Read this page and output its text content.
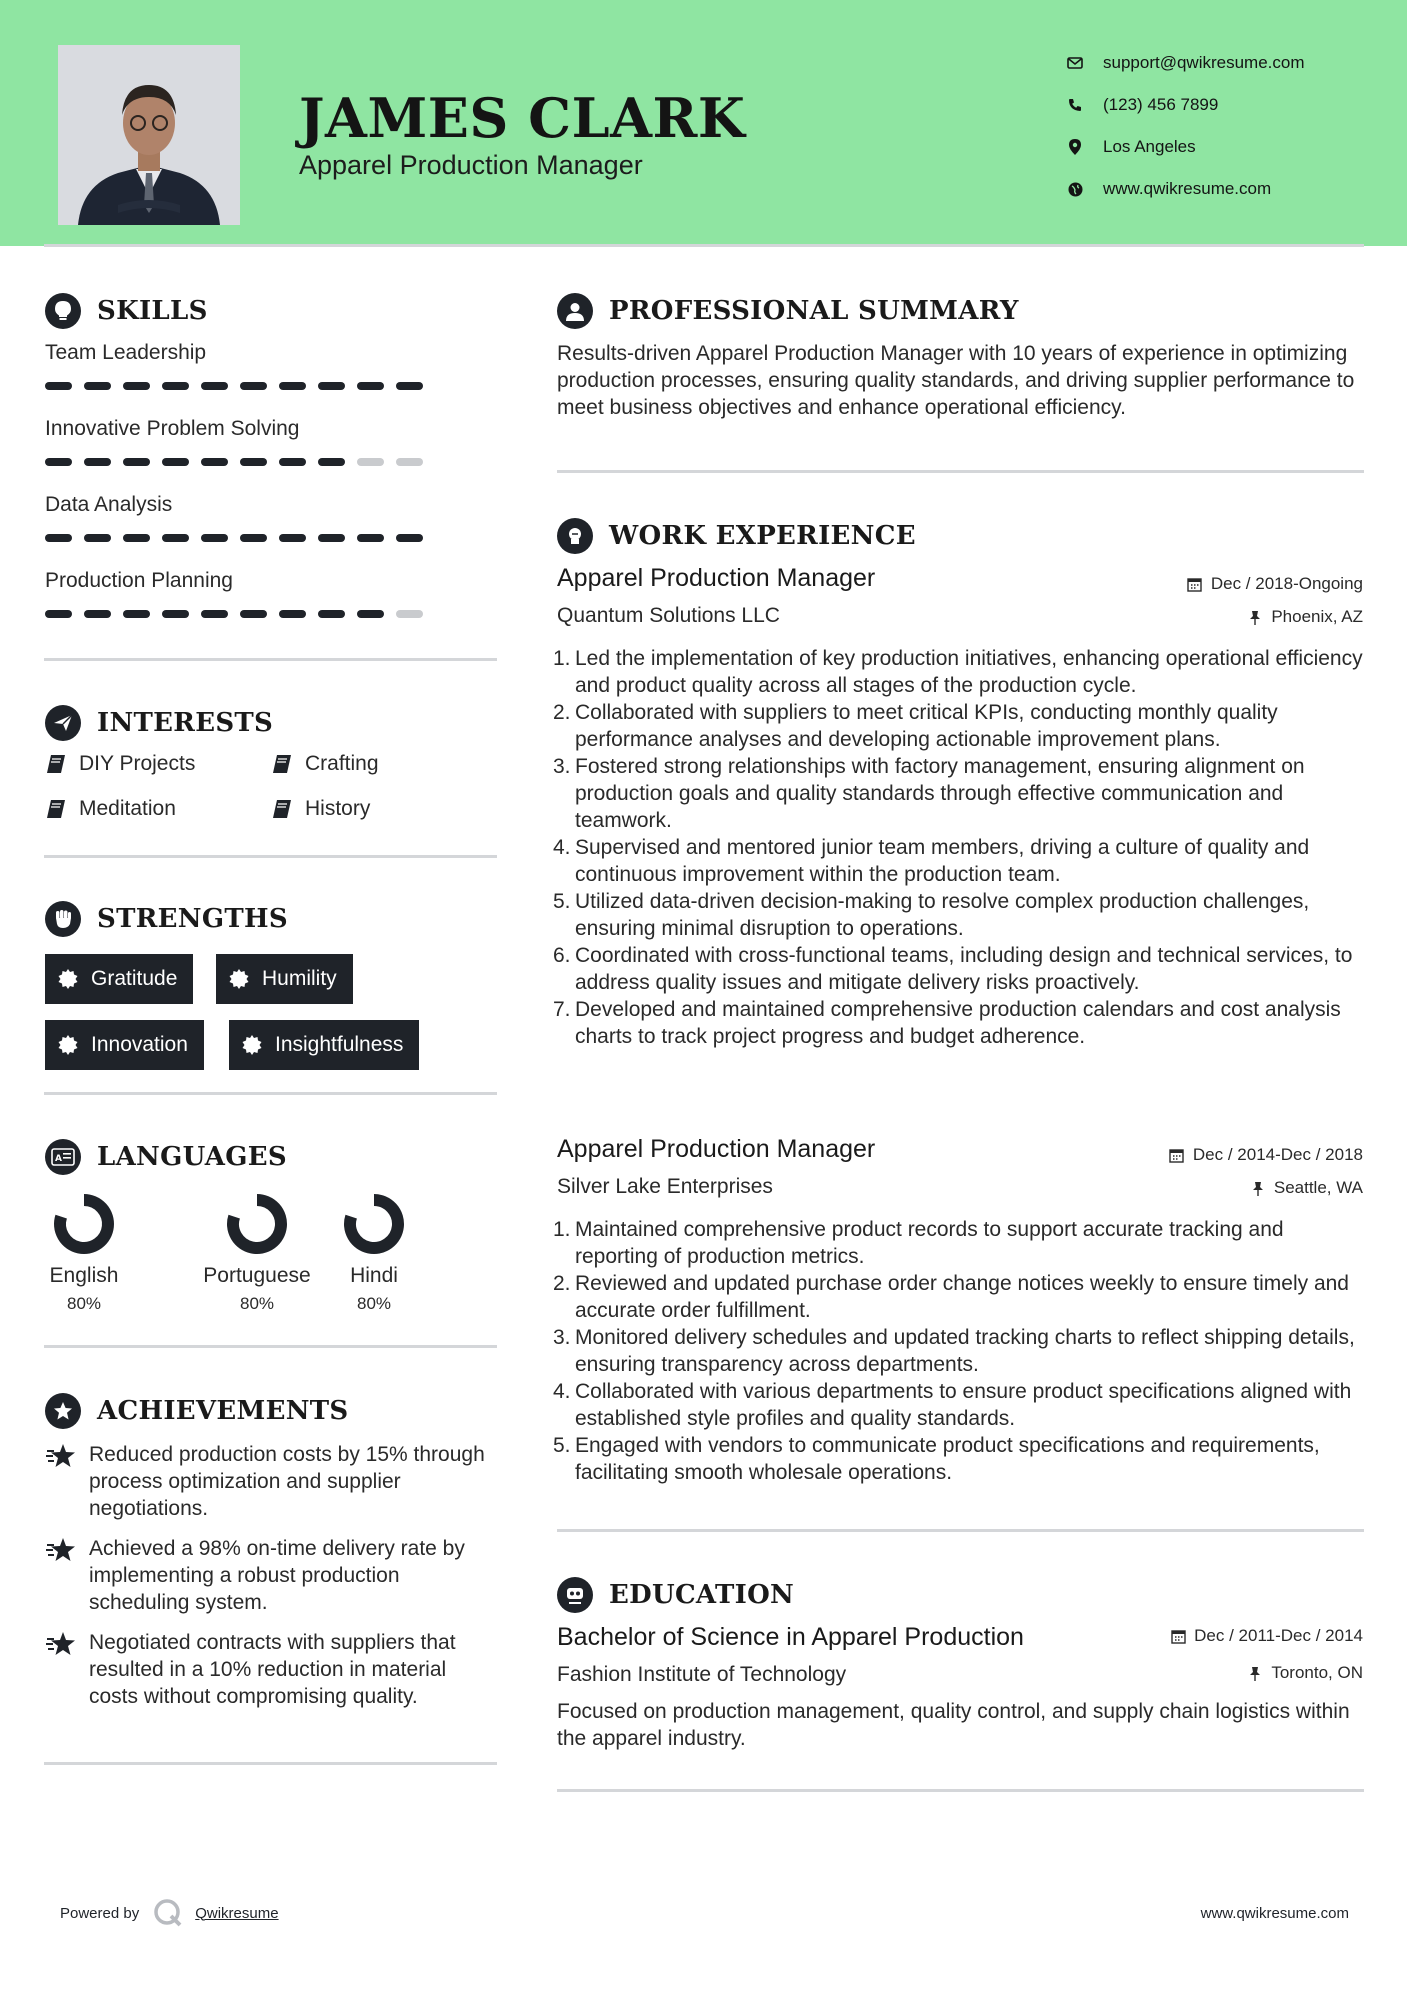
JAMES CLARK
Apparel Production Manager
support@qwikresume.com
(123) 456 7899
Los Angeles
www.qwikresume.com
SKILLS
Team Leadership
Innovative Problem Solving
Data Analysis
Production Planning
INTERESTS
DIY Projects	Crafting
Meditation	History
STRENGTHS
Gratitude	Humility
Innovation	Insightfulness
A LANGUAGES
English
80%
Portuguese
80%
Hindi
80%
ACHIEVEMENTS

Reduced production costs by 15% through process optimization and supplier negotiations.

Achieved a 98% on-time delivery rate by implementing a robust production scheduling system.

Negotiated contracts with suppliers that resulted in a 10% reduction in material costs without compromising quality.

PROFESSIONAL SUMMARY

Results-driven Apparel Production Manager with 10 years of experience in optimizing production processes, ensuring quality standards, and driving supplier performance to meet business objectives and enhance operational efficiency.

WORK EXPERIENCE
Apparel Production Manager	Dec / 2018-Ongoing
Quantum Solutions LLC	Phoenix, AZ
1. Led the implementation of key production initiatives, enhancing operational efficiency and product quality across all stages of the production cycle.
2. Collaborated with suppliers to meet critical KPIs, conducting monthly quality performance analyses and developing actionable improvement plans.
3. Fostered strong relationships with factory management, ensuring alignment on production goals and quality standards through effective communication and teamwork.
4. Supervised and mentored junior team members, driving a culture of quality and continuous improvement within the production team.
5. Utilized data-driven decision-making to resolve complex production challenges, ensuring minimal disruption to operations.
6. Coordinated with cross-functional teams, including design and technical services, to address quality issues and mitigate delivery risks proactively.
7. Developed and maintained comprehensive production calendars and cost analysis charts to track project progress and budget adherence.
Apparel Production Manager	Dec / 2014-Dec / 2018
Silver Lake Enterprises	Seattle, WA
1. Maintained comprehensive product records to support accurate tracking and reporting of production metrics.
2. Reviewed and updated purchase order change notices weekly to ensure timely and accurate order fulfillment.
3. Monitored delivery schedules and updated tracking charts to reflect shipping details, ensuring transparency across departments.
4. Collaborated with various departments to ensure product specifications aligned with established style profiles and quality standards.
5. Engaged with vendors to communicate product specifications and requirements, facilitating smooth wholesale operations.
EDUCATION
Bachelor of Science in Apparel Production	Dec / 2011-Dec / 2014
Fashion Institute of Technology	Toronto, ON

Focused on production management, quality control, and supply chain logistics within the apparel industry.

Powered by	Qwikresume	www.qwikresume.com
